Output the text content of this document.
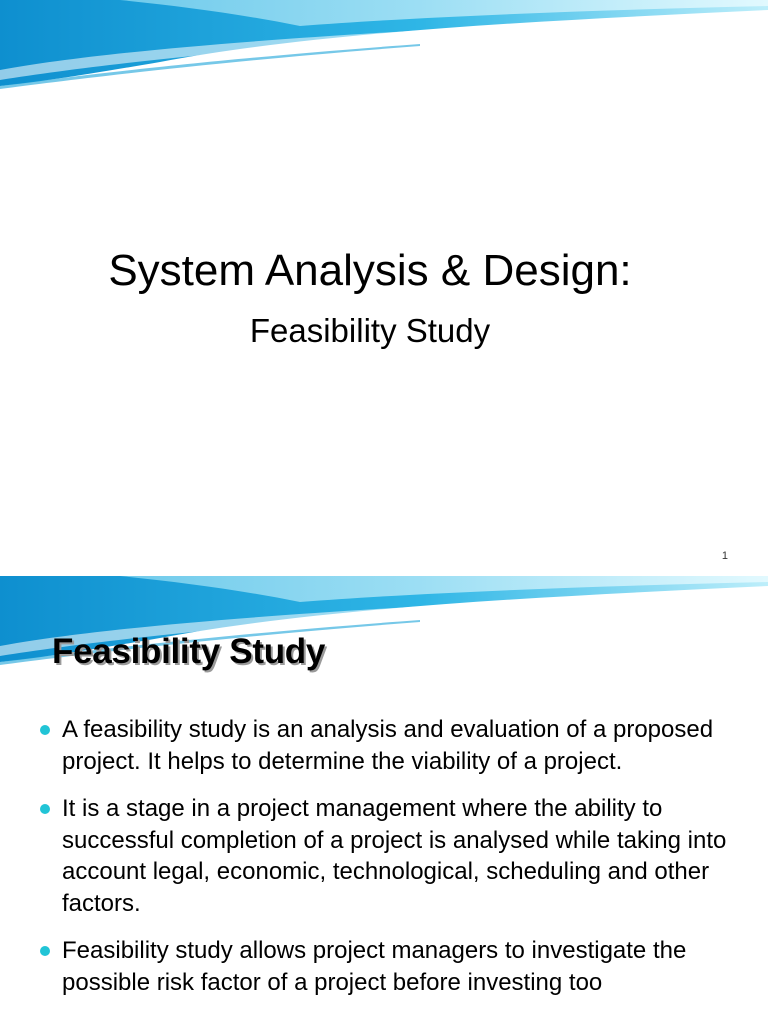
System Analysis & Design:

Feasibility Study

1
Feasibility Study
A feasibility study is an analysis and evaluation of a proposed project. It helps to determine the viability of a project.
It is a stage in a project management where the ability to successful completion of a project is analysed while taking into account legal, economic, technological, scheduling and other factors.
Feasibility study allows project managers to investigate the possible risk factor of a project before investing too
